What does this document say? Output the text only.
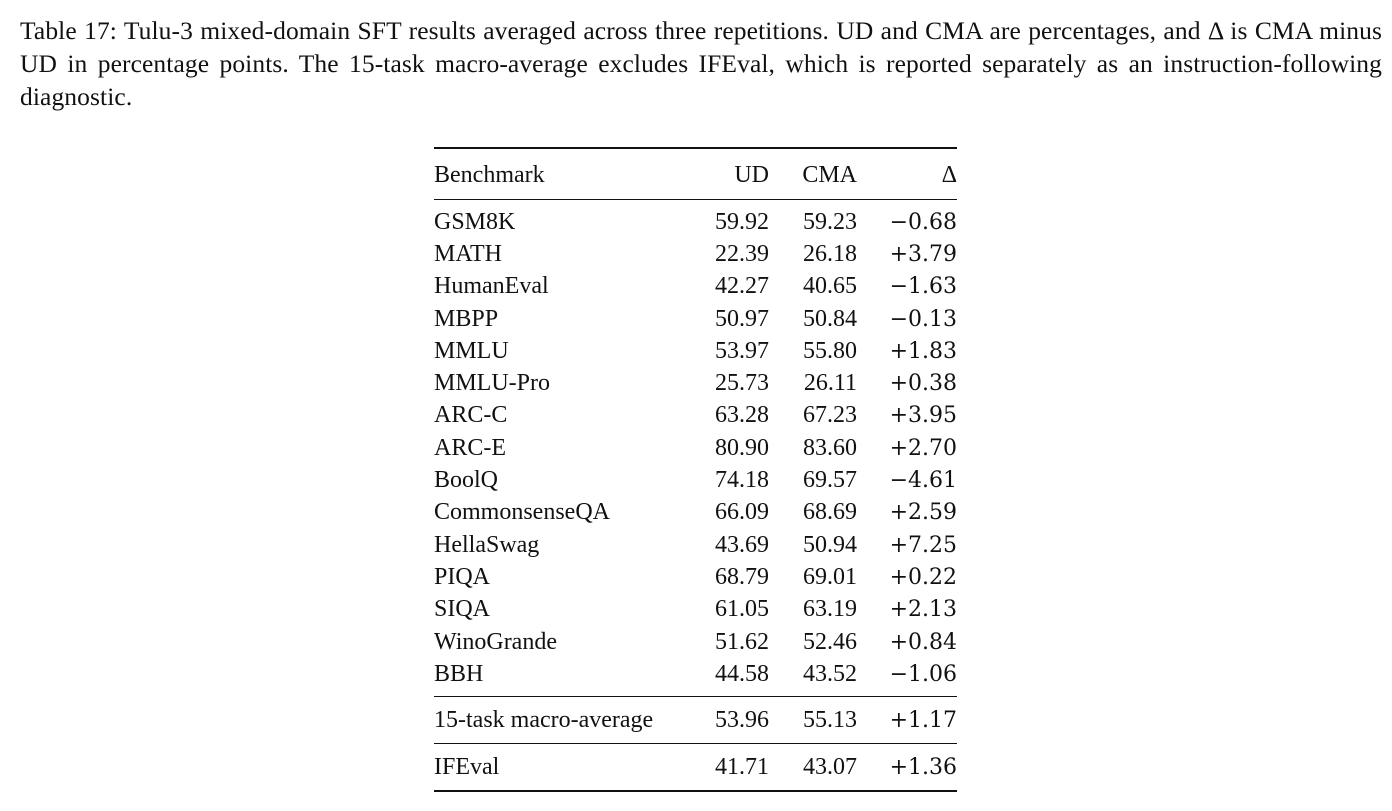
Table 17: Tulu-3 mixed-domain SFT results averaged across three repetitions. UD and CMA are percentages, and Δ is CMA minus UD in percentage points. The 15-task macro-average excludes IFEval, which is reported separately as an instruction-following diagnostic.

Benchmark	UD	CMA	Δ
GSM8K	59.92	59.23	−0.68
MATH	22.39	26.18	+3.79
HumanEval	42.27	40.65	−1.63
MBPP	50.97	50.84	−0.13
MMLU	53.97	55.80	+1.83
MMLU-Pro	25.73	26.11	+0.38
ARC-C	63.28	67.23	+3.95
ARC-E	80.90	83.60	+2.70
BoolQ	74.18	69.57	−4.61
CommonsenseQA	66.09	68.69	+2.59
HellaSwag	43.69	50.94	+7.25
PIQA	68.79	69.01	+0.22
SIQA	61.05	63.19	+2.13
WinoGrande	51.62	52.46	+0.84
BBH	44.58	43.52	−1.06
15-task macro-average	53.96	55.13	+1.17
IFEval	41.71	43.07	+1.36
